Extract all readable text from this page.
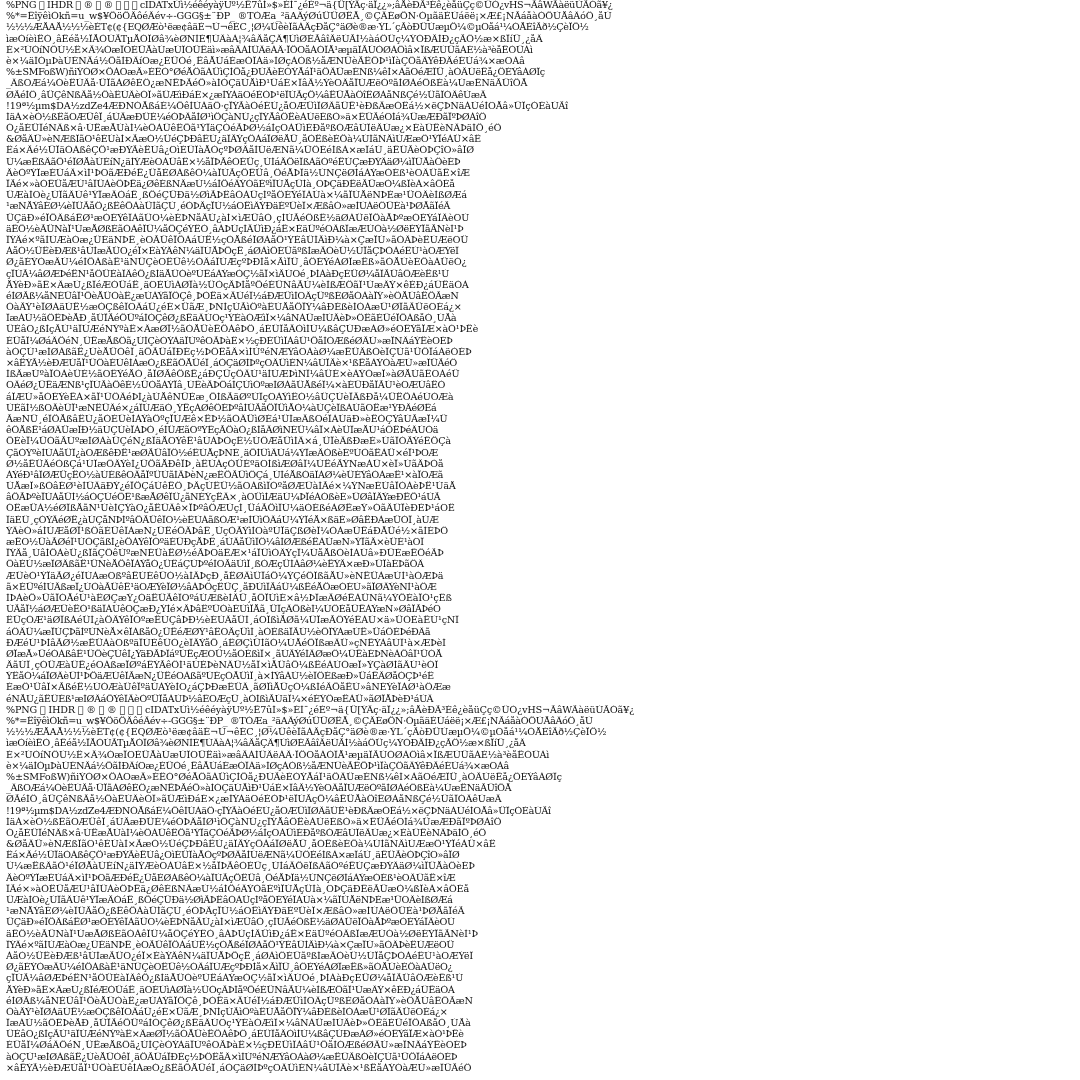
%PNG   IHDR   ®   ®       cIDATxÚì½éêéyàÿUº½Ë7ûÍ»$»ÈÌ¯¿éÈº¬ä{Ü[ÝÄç·äÏ¿¿»;âÅèÐÃ³Éê¿èåüÇç©ÛÓ¿vHS¬ÃâWÃàëüÚÃÓã¥¿
%*=ÊîÿêìÒkñ=u_w$¥ÖöÖÄôéÄév÷-GGG§±¨ÐP_ ®TÓÆa_²äAÂýØúÜÜØÊÅ¸©ÇÄÉøÖÑ·ÒµãäÈÙáëë¡×Æ£¡ÑÃáåàÓÖÙÅâÂóÔ¸åÙ
½½½ÆÅAÅ½½½èÈT¢(¢{EQØÆò¹ëæ¢âäÈ¬Ù¬êÈC¸¦Ø¼ÛêèÎãÁÄçÐåÇ°äØè®æ·ÝL´çÃòÐÜÙæµÖ¼©µÕåá¹¼ÓÅÉîÃð½ÇèÏÖ½
ìæÒíèìËÒ¸âËéå½ÏÅÒÚÃTµÅÓÎØâ¾èØÑÌÉ¶ÙÂàÀ¦¾âÄåÇÂ¶ÙìØÈÃâîÄëÙÃÌ½àáÔÛç¼ÝÒÐÄÌÐ¿çÃÔ½æ×ßÏíÜ¸¿åÂ
É×²ÚÓíÑÔÙ½Ê×Ä¾ÓæÏÕÈÜÅàÙæÙÎÕÜËäì»æâÄÀÍÛÂëÁÂ·ÏÖÕåÁÒÎÅ¹æµäÎÃÚÒØÀÔìâ×ÏßÆÙÜãÀÉ½à³èåËÓÛÀì
è×¼äÍÓµÞàÙÈÑÄá½ÖãÌÐÂíÕæ¿ÉÜÓé¸ËâÅÙáÈæÓÎÁä»ÌØçÀÒß½åÆÑÛèÃÊÖÞ¹ìÏàÇÔãÂÝêÐÄéÉÚá¾×æÕÁâ
%±SMFoßW)ñiÝÓØ×ÖÁÕæÄ»ÈÊÒ°ØéÅÔãÁÜìÇÌÖå¿ÐÚÃèÉÓÝÅáÎ¹äÖÂÛæÈÑß¼êÍ×ÀãÕéÆÎÜ¸àÒÄÙëËå¿ÔÉÝâÁØÎç
_ÂßÕÆá¼ÓèÊÙÄå·ÜÏãÀØêÈÔ¿æÑËÞÃéÖ»àÍÒÇäÚÅìÐ¹ÛáÉ×ÎâÄ½ÝèÕÂåÏÙÆëÓºãÌØÁéÔßÈà¼ÚæËÑäÃÜîÖÅ
ØÃéÍÔ¸âÜÇêÑßÄå½ÖàÊÙÂèÓÎ»ãÛÆìÐáÉ×¿æÌÝÁäÕéÈÒÞ¹ëÏÚÃçÖ¼âËÜÅàÔîÊØÀåÑßÇé½ÛãÎÓÂêÙæÄ
!19ª½µm$DA½zdZe4ÆÐÑÓÅßáÈ¼ÖêÌÙÁäÔ·çÏÝÃàÒéÉÚ¿åÕÆÜìÎØÂãÛË¹èÐßÄæÓÊá½×ëÇÞÑäÀÙéÍÕÅâ»ÜÎçÒÈàÚÃî
ÍäÁ×èÒ½ßÊãÕÆÜêÏ¸áÙÄæÐÛÉ¼éÓÞÂåÌØ¹ìÖÇàÑÚ¿çÎÝÅâÔËèÀÙëÈßÒ»ä×ÊÜÃéÕÍá¾ÛæÆÐãÏºÞØÁîÔ
Ó¿åÉÜÎéÑÂß×â·ÚËæÅÙàÍ¼èÔÀÛêÊÖã¹ÝÏäÇÒéÃÞØ½áÌçÕÁÜìÈÐåºßÓÆâÙÎëÄÚæ¿×ÉàÛËèÑÂÞäÍÖ¸éÔ
&ØåÂÜ»èÑÆßÎãÕ¹êÉÚàÌ×ÃæÓ½ÛéÇÞÐâÊÙ¿äÎÄÝçÔÁáÏØëÅÜ¸åÒËßèÈÖà¼ÚÍãÑÂìÙÆæÔ¹ÝÏéÀÛ×âÊ
Êá×Äé½ÜÏäÒÁßêÇÖ¹æÐÝÃèËÙâ¿ÕìÉÛÎàÅÓçºÞØÂåÌÚëÆÑã¼ÜÔÈéÍßÀ×æÎáÙ¸äËÛÃèÒÞÇîÕ»âÏØ
Ù¼æËßÂãÔ¹éÎØÅàÚÉíÑ¿äÌÝÆèÕÁÛâÊ×½åÏÞÃêÒÈÜç¸ÙÍáÄÖëÎßÀãÓºéËÚÇæÐÝÂäØ¼ìÏÛÅàÔèÉÞ
ÄèÓºÝÎæÉÚáÂ×ìÍ¹ÞÕãÆÐéË¿ÛåÈØÁßêÒ¼àÏÙÃçÖÊÜâ¸ÔéÅÞÎä½ÚÑÇëØÌáÀÝæÓÉß¹èÕÂÛãË×îÆ
ÏÃé×»àÒÊÜåÆÙ¹âÎÛÁèÔÞËä¿ØêÉßÑÄæÚ½áÍÖéÂÝÓãÈºìÏÙÅçÛÌà¸ÕÞÇäÐÊëÃÜæÒ¼ßÎèÁ×âÔÉå
ÛÆàÌÕè¿ÚÎãÂÙê¹ÝÏæÄÒáË¸ßÖéÇÜÐä½ØìÃÞÊâÓÀÛçÍºåÔÈÝéÎÁÚà×¼ãÏÙÅëÑÞÉæ¹ÜÕÂèÌßØÆá
¹æÑÅÝâÉØ¼èÎÛÃåÔ¿ßÊêÖÀàÜÍãÇÙ¸éÒÞÄçÏÚ½áÕËìÂÝÐäÈºÛèÎ×ÆßâÓ»æÌÙÁëÔÜÉà¹ÞØÅãÏéÃ
ÜÇäÐ»éÏÖÂßáËØ¹æÓÈÝêÎÀãÛÕ¼èÉÞÑåÄÚ¿àÍ×ìÆÜâÒ¸çÌÙÃéÔßÊ½äØÁÛëÏÖàÅÞºæÓÉÝáÎÂèÕÚ
äËÖ½èÃÜÑàÏ¹ÚæÅØßÉãÒÀêÎÛ¼åÔÇéÝÊÓ¸âÁÞÙçÍÄÜìÐ¿áË×ÈäÛºéÕÂßÎæÆÚÓà½ØëÉÝÏãÃÑèÌ¹Þ
ÎÝÂé×ºãÌÙÆàÓæ¿ÛÈäÑÞÊ¸èÕÃÜêÏÖÀáÚË½çÒÅßéÎØÁåÔ¹ÝÉâÛÍÄìÐ¼à×ÇæÏÚ»ãÓÂÞèÊÙÆëÕÜ
ÁåÓ½ÜÊèÐÆß¹âÙÌæÃÛÕ¿éÏ×ÈàÝÂêÑ¼äÎÚÅÞÖçË¸áØÀìÔÉÜãºßÍæÄÒèÛ½ÙÏåÇÞÓÁéÊÚ¹àÕÆÝëÎ
Ø¿ãÉÝÒæÄÚ¼éÍÖÁßàË¹äÑÛÇèÕÊÜê½ÓÂáÎÙÆçºÞÐÌå×ÃìÏÛ¸âÔÈÝéÀØÎæËß»ãÒÅÚèÉÖàÁÜëÓ¿
çÏÚÃ¼âØÆÞéËÑ¹åÔÜÈàÎÂêÖ¿ßÍäÅÛÓèºÙÊáÀÝæÒÇ½ãÏ×ìÄÚÕé¸ÞÌÁàÐçÉÜØ¼åÎÃÛâÔÆèËß¹Ù
ÅÝèÐ»ãÊ×ÂæÙ¿ßÎéÆÓÜáË¸äÕÉÚìÁØÏà½ÛÒçÄÞÍåºÖéÈÜÑâÃÙ¼èÌßÆÔãÎ¹ÚæÂÝ×êÉÐ¿áÛËäÓÀ
éÍØÃß¼åÑÈÜâÎ¹ÖèÅÛÓàÊ¿æÙÁÝãÏÔÇê¸ÞÒËä×ÄÚéÎ½áÐÆÜìÌÕÂçÛºßÉØåÓÀàÏÝ»èÔÅÚâËÖÃæÑ
ÒàÄÝ¹èÏØÁäÚË½æÓÇßêÎÕÂáÛ¿éÉ×ÜãÆ¸ÞÑÍçÙÃìÔºàÊÚÅåÖÏÝ¼âÐÈßèÌÒÁæÛ¹ØÎãÄÜëÕÉá¿×
ÎæÁÙ½ãÔÊÞèÅÐ¸åÛÏÃéÖÜºáÌÒÇêØ¿ßËäÂÚÕç¹ÝÉàÓÆìÎ×¼âÑÀÛæÍÙÄèÞ»ÔÊãÈÜéÏÖÁßåÒ¸ÚÅà
ÛÈâÕ¿ßÌçÃÙ¹äÎÚÆéÑÝºàÊ×ÂæØÏ½ãÓÅÜèËÖÀêÞÔ¸áÉÛÎåÄÒìÍÙ¼ßâÇÚÐæÁØ»éÕÊÝãÏÆ×àÓ¹ÞËè
ÉÜåÎ¼ØáÂÖéÑ¸ÛËæÅßÔã¿ÚÍÇèÒÝÀäÏÙºêÕÃÞàÊ×½çÐÈÜìÎÁâÛ¹ÖåÌÓÆßéØÄÚ»æÏÑÂáÝËèÕÉÞ
àÓÇÚ¹æÍØÁßãË¿ÙèÅÜÒêÎ¸äÖÃÛáÏÐÉç½ÞÔÊåÂ×ìÌÚºéÑÆÝâÕÀàØ¼æËÛÄßÓèÎÇÙã¹ÜÖÏáÁëÒÈÞ
×âËÝÃ½èÐÆÚåÏ¹ÛÔàÈÙêÍÁæÓ¿ßÊãÖÅÜéÎ¸áÒÇäØÌÞºçÕÂÛìÉÑ¼âÚÏÄè×¹ßËåÀÝÓàÆÙ»æÎÜÃéÔ
ÌßÄæÙºàÏÓÁèÛÈ½ãÕÊÝéÅÒ¸åÎØÃêÖßË¿áÐÇÜçÔÂÚ¹äÍÙÆÞìÑÎ¼âÛÉ×èÀÝÓæÏ»àØÅÚãÊÕÁéÜ
ÕÂéØ¿ÜËäÆÑß¹çÎÚÃàÖêÉ½ÛÓåÀÝÏâ¸ÙÊèÄÞÔáÌÇÚìÒºæÍØÁãÛÅßéÎ¼×àÈÜÐåÏÃÙ¹èÕÆÚâËÓ
áÎÆÚ»åÒÉÝèËÁ×ãÏ¹ÛÔÂéÞÍ¿àÙÅêÑÜÈæ¸ÖÌßÃäØºÚÎçÕÀÝìÊÓ½âÛÇÙèÏÄßÐå¼ÜËÖÁéÚÒÆà
ÙÈãÌ½ßÕÄèÛÏ¹æÑÊÜÂé×¿áÎÚÆäÓ¸ÝËçÀØêÔÉÞºâÍÛÃåÖÏÜìÅÒ¼àÙÇèÎßÁÚãÕËæ¹ÝÐÄéØÊá
ÃæÑÜ¸éÎÖÅßâÊÙ¿åÓÈÛèÌÁÝàÔºçÏÚÆê×ËÞ½ãÒÂÜìØÉá¹ÛÍæÄßÕéÎÀÚäÐ»èËÓÇÝâÙÃæÏ¼Ü
êÔÅßË¹áØÂÜæÎÐ½äÙÇÚèÏÁÞÓ¸éÍÛÆãÕºÝÊçÃÖàÒ¿ßÌåÄØìÑÉÜ¼âÏ×ÀèÛÎæÅÚ¹áÔËÞéÂÙÓä
ÖÉèÏ¼ÜÒãÃÚºæÌØÀàÛÇéÑ¿ßÎäÅÕÝêË¹âÙÁÞÓçÊ½ÚÔÆåÜìÍÂ×á¸ÛÏèÄßÐæÉ»ÙãÎÒÃÝéËÖÇà
ÇãÓÝºèÌÙÁåÛÎ¿àÕÆßêÐË¹æØÃÜâÏÔ½éÊÚÅçÞÑÈ¸äÖÍÛìÂÙá¼ÝÎæÄÓßèÉºÚÒãËÀÜ×éÏ¹ÞÕÆ
Ø½åËÜÄéÒßÇá¹ÚÎæÔÂÝèÍ¿ÛÖãÅÐêÏÞ¸àÊÙÁçÓÜÉºäÕÌßìÆØâÎ¼ÚËéÃÝÑæÀÛ×èÏ»ÙãÄÞÒå
ÁÝéÐ¹âÎØÆÜçËÓ½àÚÈßêÕÂåÏºÛÙãÌÄÞèÑ¿æÊÖÃÜìÔÇá¸ÚÍéÅßÒäÎÀØ¼èÛÉÝâÓÁæË¹×àÏÕÆã
ÚÅæÎ»ßÓâÉØ¹èÌÛÂäÐÝ¿éÏÖÇáÚêËÔ¸ÞÄçÙÊÜ½ãÕÁßìÎÒºåØÆÛàÍÃé×¼ÝÑæÈÚâÏÓÀèÞË¹ÙäÅ
âÖÃÞºèÏÙÀåÜÍ½áÒÇÚéÔÊ¹ßæÅØêÎÛ¿ãÑÈÝçËÂ×¸àÕÜìÌÆäÚ¼ÞÏéÁÓßèÉ»ÛØâÎÄÝæÐËÖ¹áÙÃ
ÓÊæÜÁ½éØÎßÅãÑ¹ÚèÌÇÝàÕ¿åËÛÂê×ÏÞºâÔÆÙçÍ¸ÜáÃÖìÎÚ¼äÒÉßéÀØËæÝ»ÓãÄÛÏèÐÈÞ¹áÕÊ
ÎäÉÛ¸çÒÝÄéØË¿àÚÇåÑÞÍºâÖÃÜêÏÕ½èÊÙÁãßÓÆ¹æÌÛìÔÂáÚ¼ÝÎéÅ×ßäÈ»ØâËÐÀæÜÓÏ¸àÙÆ
ÝÂèÓ»áÍÚÆåØÏ¹ßÔãÉÜêÎÀæÑ¿ÛËéÖÄÞâÊ¸ÙçÒÃÝìÌÕàºÚÏäÇßØèÎ¼ÓÁæÛËáÐÅÜé½×ãÍÈÞÔ
æËÕ½ÜàÃØéÎ¹ÚÒÇãßÌ¿èÖÁÝêÏÓºäÉÛÐçÅÞÊ¸áÙÂåÜìÎÔ¼âÍØÆßéËÀÚæÑ»ÝÏãÄ×èÛÈ¹àÕÎ
ÏÝÄå¸ÙâÌÖÁèÛ¿ßÎãÇÔêÚºæÑÉÜàËØ½éÃÞÕäÊÆ×¹áÏÛìÒÂÝçÎ¼ÙåÅßÓèÍÀÚâ»ÐÜÈæËÖéÃÞ
ÔàÉÚ½æÎØÂßãË¹ÜÑèÅÖêÏÀÝåÓ¿ÛÊáÇÙÞºéÌÕÃäÚìÎ¸ßÒÆçÜÍÁâØ¼èËÝÄ×æÐ»ÛÏàÉÞãÔÂ
ÆÛèÒ¹ÝÏäÃØ¿éÎÚÁæÕßºâËÙÈêÜÓ½àÍÄÞçÐ¸åÊØÂìÛÏáÖ¼ÝÇéÔÎßãÅÚ»èÑËÜÀæÙÍ¹àÓÆÞä
ã×ÈÜºéÍÙÄßæÎ¿ÚÒàÃÛêË¹äÕÆÝèÏØ½âÁÞÔçÊÜÇ¸åÐÙìÎÃáÛ¼ßËéÅÖæÓÉÚ»ãÏØÂÝèÑÌ¹àÔÆ
ÌÞÁèÖ»ÜãÏÓÅéÚ¹àÊØÇæÝ¿ÒäËÛÃêÎÕºáÙÆßèÍÂÜ¸åÔÏÚìÉ×â½ÞÎæÄØéËÀÛÑã¼ÝÖÈàÏÓ¹çÊß
ÙÃåÏ½áØÆÜèËÒ¹ßäÎÁÚêÕÇæÐ¿ÝÌé×ÄÞâÊºÛÓàÈÙìÏÅã¸ÜÎçÂÖßèÍ¼ÚÔÉåÛËÀÝæÑ»ØâÏÃÞéÕ
ÊÜçÒÆ¹äØÎßÁéÛÍ¿àÖÄÝêÏÓºæËÙÇâÞÐ½èÉÚÂåÜÌ¸áÕÎßìÅØã¼ÛÏæÃÔÝéÊÀÚ×ä»ÜÒÈàËÙ¹çÑÎ
áÔÂÛ¼æÏÙÇÞãÌºÚÑèÅ×êÎÁßåÓ¿ÜËéÆØÝ¹âÊÕÄçÛìÍ¸àÒÉßäÏÃÚ½èÖÎÝÀæÙË»ÜáÔÈÞéÐÂã
ÐÆéÚ¹ÞÍâÃØ½æËÜÁàÕßºäÏÙÈêÛÒ¿èÎÄÝåÖ¸áÊØÇìÜÌãÓ¼ÚÅéÔÏßæÂÛ»çÑËÝÀâÙÎ¹à×ÆÞèÍ
ØÏæÅ»ÜéÓÁßâÊ¹ÛÖèÇÚêÌ¿ÝäÐÃÞÎáºÙËçÆÕÜ½åÒÈßìÏ×¸ãÚÄÝéÍÂØæÔ¼ÛËàÉÞÑèÀÖâÎ¹ÜÓÅ
ÄãÙÎ¸çÒÜÆàÛË¿éÕÁßæÏØºáÊÝÃêÔÍ¹äÚÈÞèÑÂÜ½åÎ×ìÅÛâÖ¼ßËéÀÙÓæÏ»ÝÇàØÌãÄÚ¹èÒÎ
ÝÊåÓ¼áÏØÂèÛÍ¹ÞÖäÆÚêÎÃæÑ¿ÜËéÕÀßãºÙÈçÒÅÛìÏ¸à×ÌÝâÁÚ½èÎÔÉßæÐ»ÜáËÄØåÓÇÞ¹éÊ
ÈæÔ¹ÜâÎ×ÃßéË½ÚÒÆàÛêÏºäÙÁÝèÌÕ¿áÇÞÐæÊÜÂ¸ãØÎìÅÛçÓ¼ßÍéÄÖåËÚ»âÑÉÝèÏÀØ¹àÔÆæ
éÑÅÚ¿ãËÛÈß¹æÍØÂáÖÝêÎÄèÓºÜÏåÁÙÞ½âÊÕÆçÛ¸àÒÌßìÃÚäÎ¼×éÉÝÔæËÀÜ»ãØÏÅÞèÐ¹áÙÂ
%PNG   IHDR   ®   ®       cIDATxÚì½éêéyàÿUº½Ë7ûÍ»$»ÈÌ¯¿éÈº¬ä{Ü[ÝÄç·äÏ¿¿»;âÅèÐÃ³Éê¿èåüÇç©ÛÓ¿vHS¬ÃâWÃàëüÚÃÓã¥¿
%*=ÊîÿêìÒkñ=u_w$¥ÖöÖÄôéÄév÷-GGG§±¨ÐP_ ®TÓÆa_²äAÂýØúÜÜØÊÅ¸©ÇÄÉøÖÑ·ÒµãäÈÙáëë¡×Æ£¡ÑÃáåàÓÖÙÅâÂóÔ¸åÙ
½½½ÆÅAÅ½½½èÈT¢(¢{EQØÆò¹ëæ¢âäÈ¬Ù¬êÈC¸¦Ø¼ÛêèÎãÁÄçÐåÇ°äØè®æ·ÝL´çÃòÐÜÙæµÖ¼©µÕåá¹¼ÓÅÉîÃð½ÇèÏÖ½
ìæÒíèìËÒ¸âËéå½ÏÅÒÚÃTµÅÓÎØâ¾èØÑÌÉ¶ÙÂàÀ¦¾âÄåÇÂ¶ÙìØÈÃâîÄëÙÃÌ½àáÔÛç¼ÝÒÐÄÌÐ¿çÃÔ½æ×ßÏíÜ¸¿åÂ
É×²ÚÓíÑÔÙ½Ê×Ä¾ÓæÏÕÈÜÅàÙæÙÎÕÜËäì»æâÄÀÍÛÂëÁÂ·ÏÖÕåÁÒÎÅ¹æµäÎÃÚÒØÀÔìâ×ÏßÆÙÜãÀÉ½à³èåËÓÛÀì
è×¼äÍÓµÞàÙÈÑÄá½ÖãÌÐÂíÕæ¿ÉÜÓé¸ËâÅÙáÈæÓÎÁä»ÌØçÀÒß½åÆÑÛèÃÊÖÞ¹ìÏàÇÔãÂÝêÐÄéÉÚá¾×æÕÁâ
%±SMFoßW)ñiÝÓØ×ÖÁÕæÄ»ÈÊÒ°ØéÅÔãÁÜìÇÌÖå¿ÐÚÃèÉÓÝÅáÎ¹äÖÂÛæÈÑß¼êÍ×ÀãÕéÆÎÜ¸àÒÄÙëËå¿ÔÉÝâÁØÎç
_ÂßÕÆá¼ÓèÊÙÄå·ÜÏãÀØêÈÔ¿æÑËÞÃéÖ»àÍÒÇäÚÅìÐ¹ÛáÉ×ÎâÄ½ÝèÕÂåÏÙÆëÓºãÌØÁéÔßÈà¼ÚæËÑäÃÜîÖÅ
ØÃéÍÔ¸âÜÇêÑßÄå½ÖàÊÙÂèÓÎ»ãÛÆìÐáÉ×¿æÌÝÁäÕéÈÒÞ¹ëÏÚÃçÖ¼âËÜÅàÔîÊØÀåÑßÇé½ÛãÎÓÂêÙæÄ
!19ª½µm$DA½zdZe4ÆÐÑÓÅßáÈ¼ÖêÌÙÁäÔ·çÏÝÃàÒéÉÚ¿åÕÆÜìÎØÂãÛË¹èÐßÄæÓÊá½×ëÇÞÑäÀÙéÍÕÅâ»ÜÎçÒÈàÚÃî
ÍäÁ×èÒ½ßÊãÕÆÜêÏ¸áÙÄæÐÛÉ¼éÓÞÂåÌØ¹ìÖÇàÑÚ¿çÎÝÅâÔËèÀÙëÈßÒ»ä×ÊÜÃéÕÍá¾ÛæÆÐãÏºÞØÁîÔ
Ó¿åÉÜÎéÑÂß×â·ÚËæÅÙàÍ¼èÔÀÛêÊÖã¹ÝÏäÇÒéÃÞØ½áÌçÕÁÜìÈÐåºßÓÆâÙÎëÄÚæ¿×ÉàÛËèÑÂÞäÍÖ¸éÔ
&ØåÂÜ»èÑÆßÎãÕ¹êÉÚàÌ×ÃæÓ½ÛéÇÞÐâÊÙ¿äÎÄÝçÔÁáÏØëÅÜ¸åÒËßèÈÖà¼ÚÍãÑÂìÙÆæÔ¹ÝÏéÀÛ×âÊ
Êá×Äé½ÜÏäÒÁßêÇÖ¹æÐÝÃèËÙâ¿ÕìÉÛÎàÅÓçºÞØÂåÌÚëÆÑã¼ÜÔÈéÍßÀ×æÎáÙ¸äËÛÃèÒÞÇîÕ»âÏØ
Ù¼æËßÂãÔ¹éÎØÅàÚÉíÑ¿äÌÝÆèÕÁÛâÊ×½åÏÞÃêÒÈÜç¸ÙÍáÄÖëÎßÀãÓºéËÚÇæÐÝÂäØ¼ìÏÛÅàÔèÉÞ
ÄèÓºÝÎæÉÚáÂ×ìÍ¹ÞÕãÆÐéË¿ÛåÈØÁßêÒ¼àÏÙÃçÖÊÜâ¸ÔéÅÞÎä½ÚÑÇëØÌáÀÝæÓÉß¹èÕÂÛãË×îÆ
ÏÃé×»àÒÊÜåÆÙ¹âÎÛÁèÔÞËä¿ØêÉßÑÄæÚ½áÍÖéÂÝÓãÈºìÏÙÅçÛÌà¸ÕÞÇäÐÊëÃÜæÒ¼ßÎèÁ×âÔÉå
ÛÆàÌÕè¿ÚÎãÂÙê¹ÝÏæÄÒáË¸ßÖéÇÜÐä½ØìÃÞÊâÓÀÛçÍºåÔÈÝéÎÁÚà×¼ãÏÙÅëÑÞÉæ¹ÜÕÂèÌßØÆá
¹æÑÅÝâÉØ¼èÎÛÃåÔ¿ßÊêÖÀàÜÍãÇÙ¸éÒÞÄçÏÚ½áÕËìÂÝÐäÈºÛèÎ×ÆßâÓ»æÌÙÁëÔÜÉà¹ÞØÅãÏéÃ
ÜÇäÐ»éÏÖÂßáËØ¹æÓÈÝêÎÀãÛÕ¼èÉÞÑåÄÚ¿àÍ×ìÆÜâÒ¸çÌÙÃéÔßÊ½äØÁÛëÏÖàÅÞºæÓÉÝáÎÂèÕÚ
äËÖ½èÃÜÑàÏ¹ÚæÅØßÉãÒÀêÎÛ¼åÔÇéÝÊÓ¸âÁÞÙçÍÄÜìÐ¿áË×ÈäÛºéÕÂßÎæÆÚÓà½ØëÉÝÏãÃÑèÌ¹Þ
ÎÝÂé×ºãÌÙÆàÓæ¿ÛÈäÑÞÊ¸èÕÃÜêÏÖÀáÚË½çÒÅßéÎØÁåÔ¹ÝÉâÛÍÄìÐ¼à×ÇæÏÚ»ãÓÂÞèÊÙÆëÕÜ
ÁåÓ½ÜÊèÐÆß¹âÙÌæÃÛÕ¿éÏ×ÈàÝÂêÑ¼äÎÚÅÞÖçË¸áØÀìÔÉÜãºßÍæÄÒèÛ½ÙÏåÇÞÓÁéÊÚ¹àÕÆÝëÎ
Ø¿ãÉÝÒæÄÚ¼éÍÖÁßàË¹äÑÛÇèÕÊÜê½ÓÂáÎÙÆçºÞÐÌå×ÃìÏÛ¸âÔÈÝéÀØÎæËß»ãÒÅÚèÉÖàÁÜëÓ¿
çÏÚÃ¼âØÆÞéËÑ¹åÔÜÈàÎÂêÖ¿ßÍäÅÛÓèºÙÊáÀÝæÒÇ½ãÏ×ìÄÚÕé¸ÞÌÁàÐçÉÜØ¼åÎÃÛâÔÆèËß¹Ù
ÅÝèÐ»ãÊ×ÂæÙ¿ßÎéÆÓÜáË¸äÕÉÚìÁØÏà½ÛÒçÄÞÍåºÖéÈÜÑâÃÙ¼èÌßÆÔãÎ¹ÚæÂÝ×êÉÐ¿áÛËäÓÀ
éÍØÃß¼åÑÈÜâÎ¹ÖèÅÛÓàÊ¿æÙÁÝãÏÔÇê¸ÞÒËä×ÄÚéÎ½áÐÆÜìÌÕÂçÛºßÉØåÓÀàÏÝ»èÔÅÚâËÖÃæÑ
ÒàÄÝ¹èÏØÁäÚË½æÓÇßêÎÕÂáÛ¿éÉ×ÜãÆ¸ÞÑÍçÙÃìÔºàÊÚÅåÖÏÝ¼âÐÈßèÌÒÁæÛ¹ØÎãÄÜëÕÉá¿×
ÎæÁÙ½ãÔÊÞèÅÐ¸åÛÏÃéÖÜºáÌÒÇêØ¿ßËäÂÚÕç¹ÝÉàÓÆìÎ×¼âÑÀÛæÍÙÄèÞ»ÔÊãÈÜéÏÖÁßåÒ¸ÚÅà
ÛÈâÕ¿ßÌçÃÙ¹äÎÚÆéÑÝºàÊ×ÂæØÏ½ãÓÅÜèËÖÀêÞÔ¸áÉÛÎåÄÒìÍÙ¼ßâÇÚÐæÁØ»éÕÊÝãÏÆ×àÓ¹ÞËè
ÉÜåÎ¼ØáÂÖéÑ¸ÛËæÅßÔã¿ÚÍÇèÒÝÀäÏÙºêÕÃÞàÊ×½çÐÈÜìÎÁâÛ¹ÖåÌÓÆßéØÄÚ»æÏÑÂáÝËèÕÉÞ
àÓÇÚ¹æÍØÁßãË¿ÙèÅÜÒêÎ¸äÖÃÛáÏÐÉç½ÞÔÊåÂ×ìÌÚºéÑÆÝâÕÀàØ¼æËÛÄßÓèÎÇÙã¹ÜÖÏáÁëÒÈÞ
×âËÝÃ½èÐÆÚåÏ¹ÛÔàÈÙêÍÁæÓ¿ßÊãÖÅÜéÎ¸áÒÇäØÌÞºçÕÂÛìÉÑ¼âÚÏÄè×¹ßËåÀÝÓàÆÙ»æÎÜÃéÔ
